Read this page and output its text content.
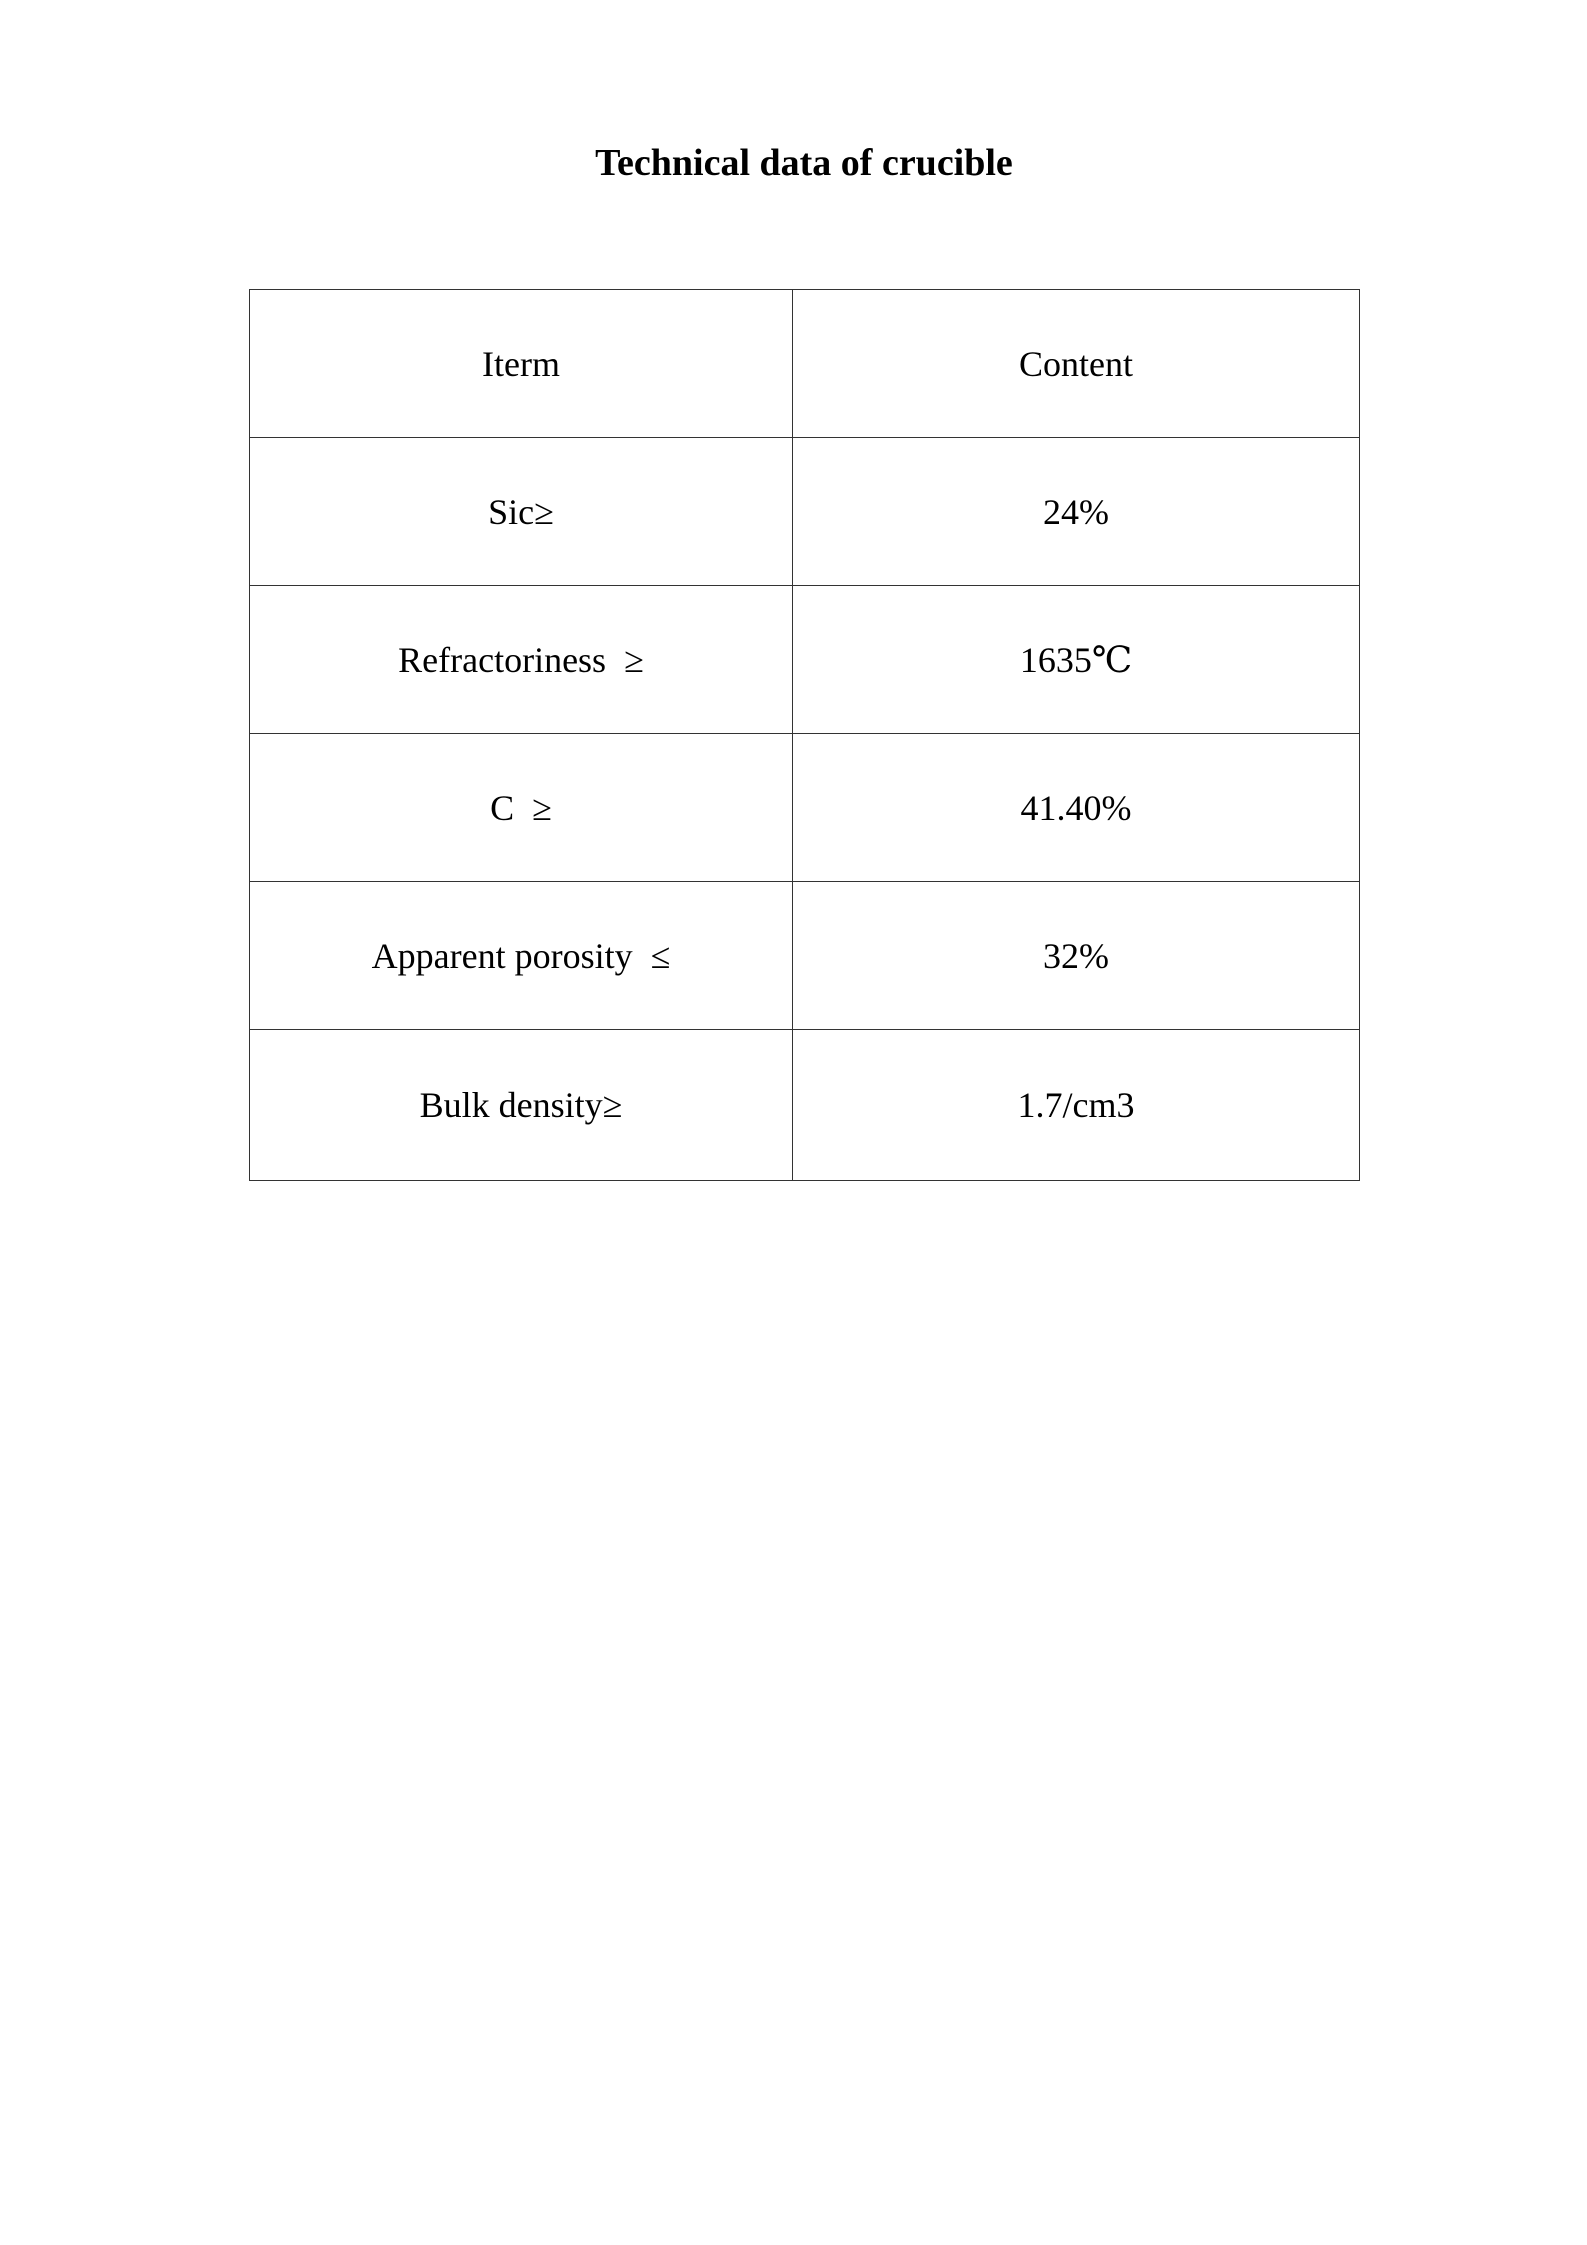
Technical data of crucible
Iterm	Content
Sic≥	24%
Refractoriness  ≥	1635℃
C  ≥	41.40%
Apparent porosity  ≤	32%
Bulk density≥	1.7/cm3
